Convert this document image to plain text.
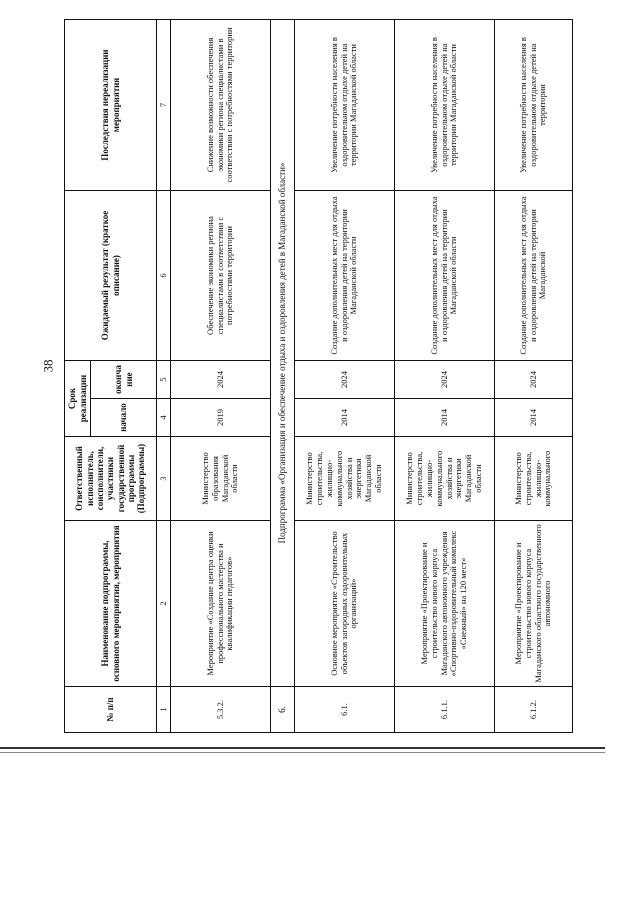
38
№ п/п	Наименование подпрограммы, основного мероприятия, мероприятия	Ответственный исполнитель, соисполнители, участники государственной программы (Подпрограммы)	Срок реализации		Ожидаемый результат (краткое описание)	Последствия нереализации мероприятия
			начало	оконча ние		
1	2	3	4	5	6	7
5.3.2.	Мероприятие «Создание центра оценки профессионального мастерства и квалификации педагогов»	Министерство образования Магаданской области	2019	2024	Обеспечение экономики региона специалистами в соответствии с потребностями территории	Снижение возможности обеспечения экономики региона специалистами в соответствии с потребностями территории
6.	Подпрограмма «Организация и обеспечение отдыха и оздоровления детей в Магаданской области»					
6.1.	Основное мероприятие «Строительство объектов загородных оздоровительных организаций»	Министерство строительства, жилищно-коммунального хозяйства и энергетики Магаданской области	2014	2024	Создание дополнительных мест для отдыха и оздоровления детей на территории Магаданской области	Увеличение потребности населения в оздоровительном отдыхе детей на территории Магаданской области
6.1.1.	Мероприятие «Проектирование и строительство нового корпуса Магаданского автономного учреждения «Спортивно-оздоровительный комплекс «Снежный» на 120 мест»	Министерство строительства, жилищно-коммунального хозяйства и энергетики Магаданской области	2014	2024	Создание дополнительных мест для отдыха и оздоровления детей на территории Магаданской области	Увеличение потребности населения в оздоровительном отдыхе детей на территории Магаданской области
6.1.2.	Мероприятие «Проектирование и строительство нового корпуса Магаданского областного государственного автономного	Министерство строительства, жилищно-коммунального	2014	2024	Создание дополнительных мест для отдыха и оздоровления детей на территории Магаданской	Увеличение потребности населения в оздоровительном отдыхе детей на территории
